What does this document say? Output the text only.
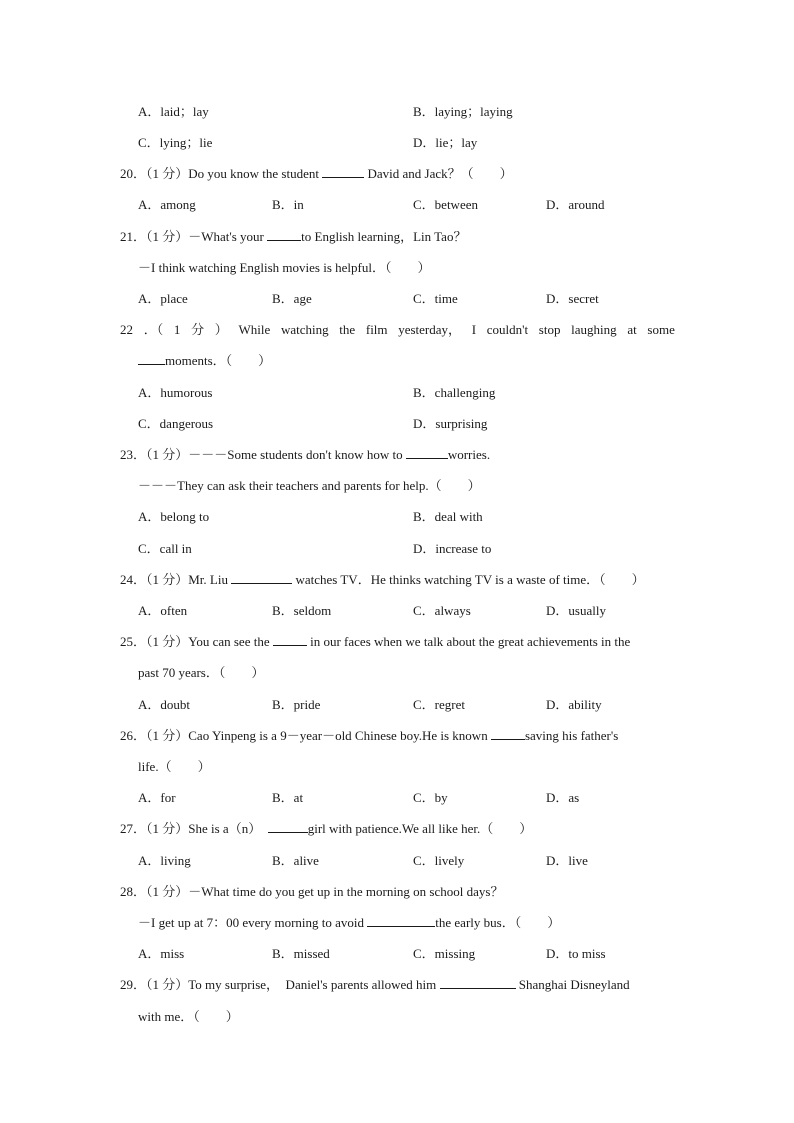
A．laid；lay	B．laying；laying
C．lying；lie	D．lie；lay
20．（1 分）Do you know the student	David and Jack？（　　）
A．among	B．in	C．between	D．around
21．（1 分）－What's your	to English learning，Lin Tao？
－I think watching English movies is helpful．（　　）
A．place	B．age	C．time	D．secret
22 ．（ 1 分 ） While watching the film yesterday， I couldn't stop laughing at some
moments．（　　）
A．humorous	B．challenging
C．dangerous	D．surprising
23．（1 分）－－－Some students don't know how to	worries.
－－－They can ask their teachers and parents for help.（　　）
A．belong to	B．deal with
C．call in	D．increase to
24．（1 分）Mr. Liu	watches TV．He thinks watching TV is a waste of time．（　　）
A．often	B．seldom	C．always	D．usually
25．（1 分）You can see the	in our faces when we talk about the great achievements in the
past 70 years．（　　）
A．doubt	B．pride	C．regret	D．ability
26．（1 分）Cao Yinpeng is a 9－year－old Chinese boy.He is known	saving his father's
life.（　　）
A．for	B．at	C．by	D．as
27．（1 分）She is a（n）	girl with patience.We all like her.（　　）
A．living	B．alive	C．lively	D．live
28．（1 分）－What time do you get up in the morning on school days？
－I get up at 7：00 every morning to avoid	the early bus．（　　）
A．miss	B．missed	C．missing	D．to miss
29．（1 分）To my surprise，  Daniel's parents allowed him	Shanghai Disneyland
with me．（　　）
